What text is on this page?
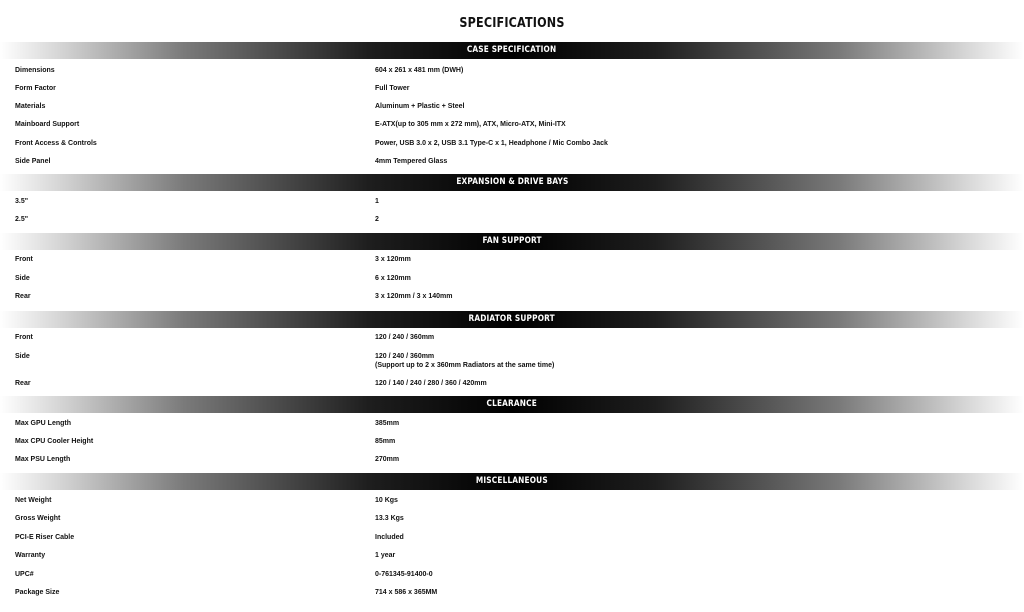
SPECIFICATIONS
CASE SPECIFICATION
Dimensions	604 x 261 x 481 mm (DWH)
Form Factor	Full Tower
Materials	Aluminum + Plastic + Steel
Mainboard Support	E-ATX(up to 305 mm x 272 mm), ATX, Micro-ATX, Mini-ITX
Front Access & Controls	Power, USB 3.0 x 2, USB 3.1 Type-C x 1, Headphone / Mic Combo Jack
Side Panel	4mm Tempered Glass
EXPANSION & DRIVE BAYS
3.5"	1
2.5"	2
FAN SUPPORT
Front	3 x 120mm
Side	6 x 120mm
Rear	3 x 120mm / 3 x 140mm
RADIATOR SUPPORT
Front	120 / 240 / 360mm
Side	120 / 240 / 360mm
(Support up to 2 x 360mm Radiators at the same time)
Rear	120 / 140 / 240 / 280 / 360 / 420mm
CLEARANCE
Max GPU Length	385mm
Max CPU Cooler Height	85mm
Max PSU Length	270mm
MISCELLANEOUS
Net Weight	10 Kgs
Gross Weight	13.3 Kgs
PCI-E Riser Cable	Included
Warranty	1 year
UPC#	0-761345-91400-0
Package Size	714 x 586 x 365MM
